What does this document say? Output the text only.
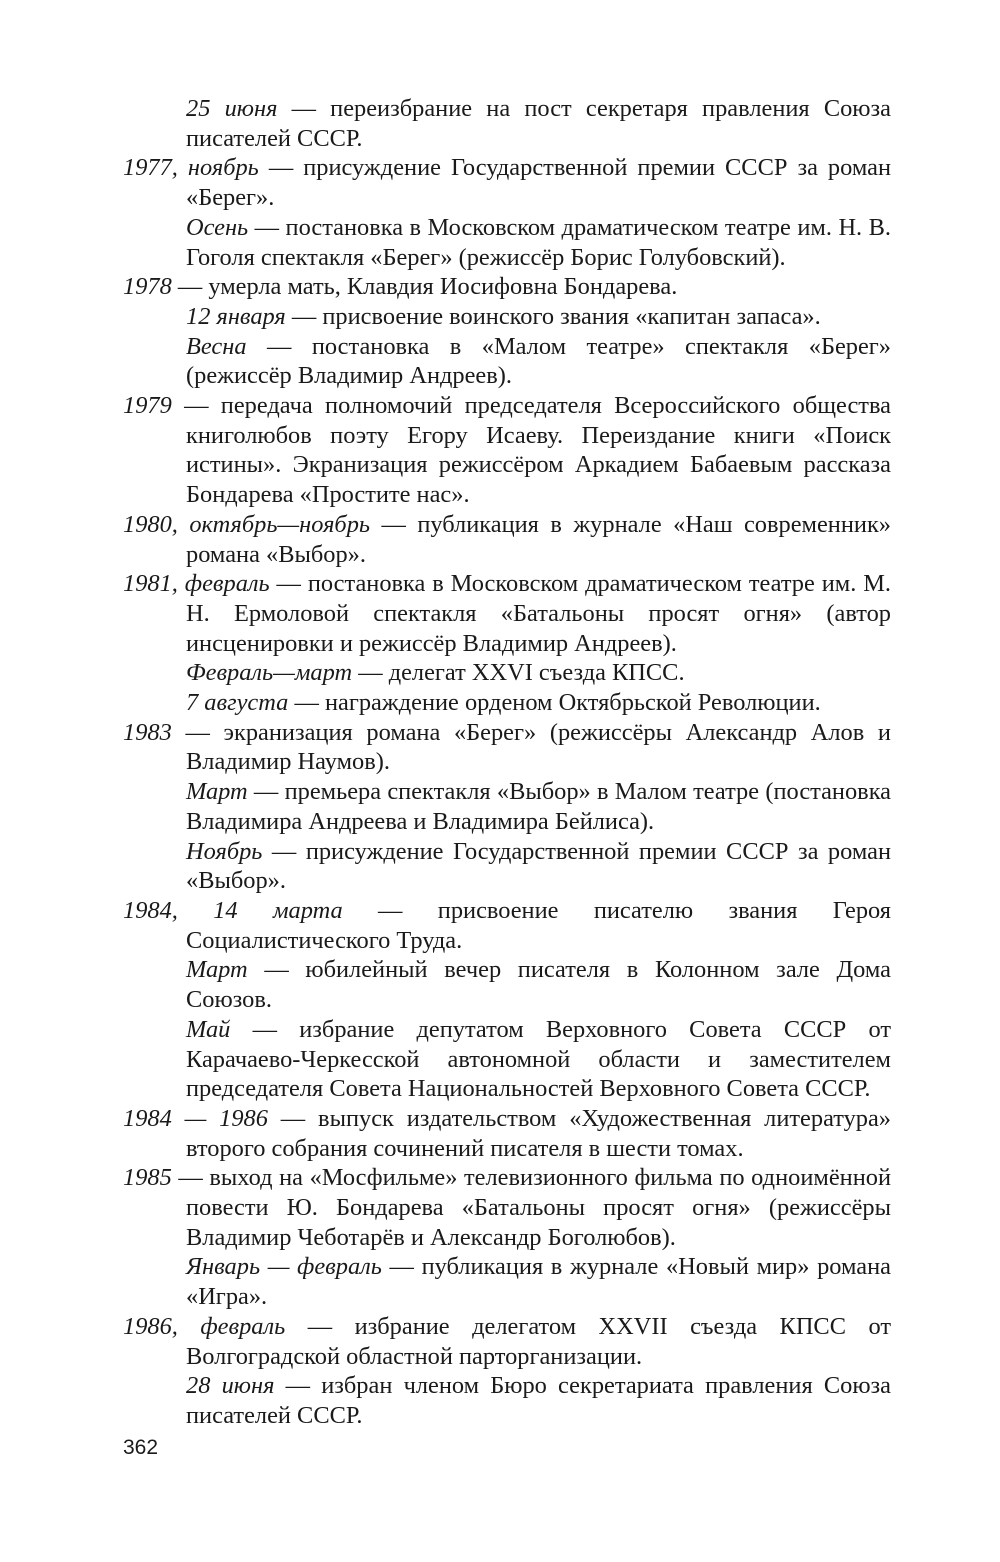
25 июня — переизбрание на пост секретаря правления Союза писателей СССР.

1977, ноябрь — присуждение Государственной премии СССР за роман «Берег».

Осень — постановка в Московском драматическом театре им. Н. В. Гоголя спектакля «Берег» (режиссёр Борис Голубовский).

1978 — умерла мать, Клавдия Иосифовна Бондарева.

12 января — присвоение воинского звания «капитан запаса».

Весна — постановка в «Малом театре» спектакля «Берег» (режиссёр Владимир Андреев).

1979 — передача полномочий председателя Всероссийского общества книголюбов поэту Егору Исаеву. Переиздание книги «Поиск истины». Экранизация режиссёром Аркадием Бабаевым рассказа Бондарева «Простите нас».

1980, октябрь—ноябрь — публикация в журнале «Наш современник» романа «Выбор».

1981, февраль — постановка в Московском драматическом театре им. М. Н. Ермоловой спектакля «Батальоны просят огня» (автор инсценировки и режиссёр Владимир Андреев).

Февраль—март — делегат XXVI съезда КПСС.

7 августа — награждение орденом Октябрьской Революции.

1983 — экранизация романа «Берег» (режиссёры Александр Алов и Владимир Наумов).

Март — премьера спектакля «Выбор» в Малом театре (постановка Владимира Андреева и Владимира Бейлиса).

Ноябрь — присуждение Государственной премии СССР за роман «Выбор».

1984, 14 марта — присвоение писателю звания Героя Социалистического Труда.

Март — юбилейный вечер писателя в Колонном зале Дома Союзов.

Май — избрание депутатом Верховного Совета СССР от Карачаево-Черкесской автономной области и заместителем председателя Совета Национальностей Верховного Совета СССР.

1984 — 1986 — выпуск издательством «Художественная литература» второго собрания сочинений писателя в шести томах.

1985 — выход на «Мосфильме» телевизионного фильма по одноимённой повести Ю. Бондарева «Батальоны просят огня» (режиссёры Владимир Чеботарёв и Александр Боголюбов).

Январь — февраль — публикация в журнале «Новый мир» романа «Игра».

1986, февраль — избрание делегатом XXVII съезда КПСС от Волгоградской областной парторганизации.

28 июня — избран членом Бюро секретариата правления Союза писателей СССР.

362
